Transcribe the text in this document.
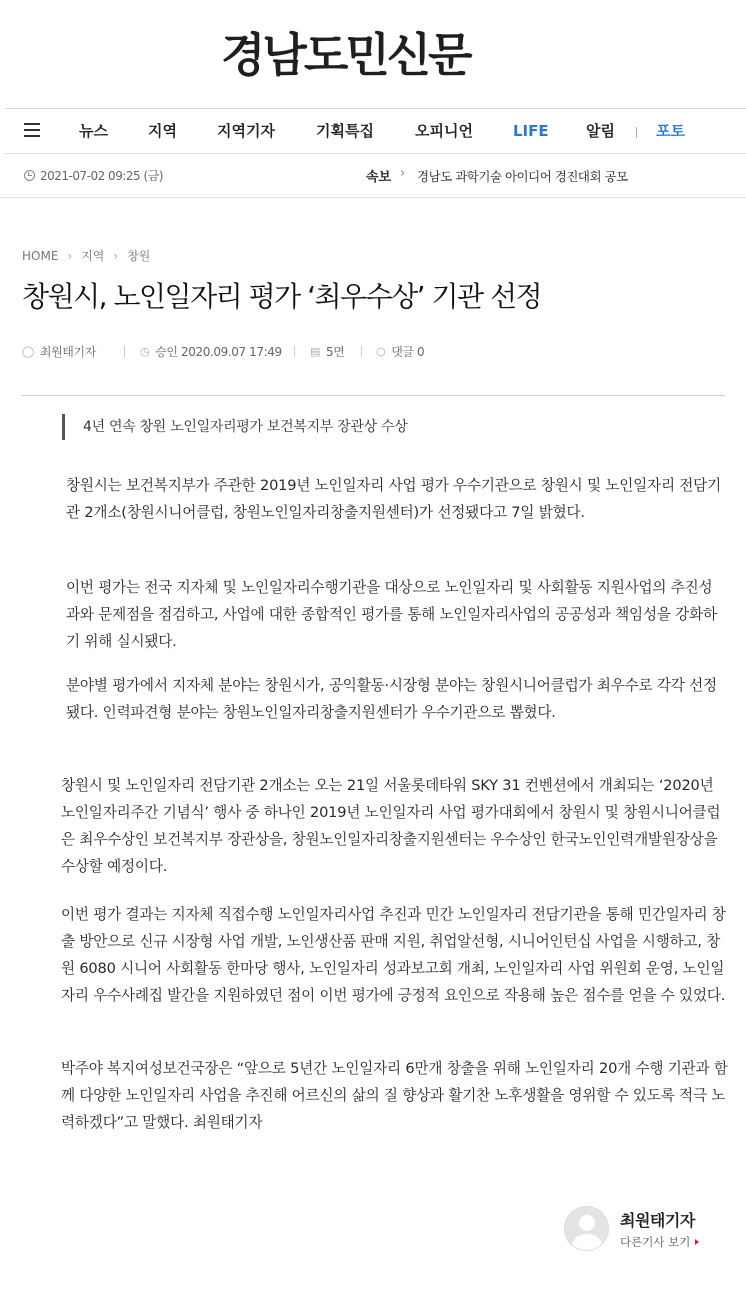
경남도 민 신문
뉴스	지역	지역기자	기획특집	오피니언	LIFE 알림	포토
2021-07-02 09:25 (금)	속보 › 경남도 과학기술 아이디어 경진대회 공모
HOME › 지역 › 창원
창원시, 노인일자리 평가 ‘최우수상’ 기관 선정
◯ 최원태기자	◷ 승인 2020.09.07 17:49	▤ 5면	○ 댓글 0
4년 연속 창원 노인일자리평가 보건복지부 장관상 수상

창원시는 보건복지부가 주관한 2019년 노인일자리 사업 평가 우수기관으로 창원시 및 노인일자리 전담기관 2개소(창원시니어클럽, 창원노인일자리창출지원센터)가 선정됐다고 7일 밝혔다.

이번 평가는 전국 지자체 및 노인일자리수행기관을 대상으로 노인일자리 및 사회활동 지원사업의 추진성과와 문제점을 점검하고, 사업에 대한 종합적인 평가를 통해 노인일자리사업의 공공성과 책임성을 강화하기 위해 실시됐다.

분야별 평가에서 지자체 분야는 창원시가, 공익활동·시장형 분야는 창원시니어클럽가 최우수로 각각 선정됐다. 인력파견형 분야는 창원노인일자리창출지원센터가 우수기관으로 뽑혔다.

창원시 및 노인일자리 전담기관 2개소는 오는 21일 서울롯데타워 SKY 31 컨벤션에서 개최되는 ‘2020년 노인일자리주간 기념식’ 행사 중 하나인 2019년 노인일자리 사업 평가대회에서 창원시 및 창원시니어클럽은 최우수상인 보건복지부 장관상을, 창원노인일자리창출지원센터는 우수상인 한국노인인력개발원장상을 수상할 예정이다.

이번 평가 결과는 지자체 직접수행 노인일자리사업 추진과 민간 노인일자리 전담기관을 통해 민간일자리 창출 방안으로 신규 시장형 사업 개발, 노인생산품 판매 지원, 취업알선형, 시니어인턴십 사업을 시행하고, 창원 6080 시니어 사회활동 한마당 행사, 노인일자리 성과보고회 개최, 노인일자리 사업 위원회 운영, 노인일자리 우수사례집 발간을 지원하였던 점이 이번 평가에 긍정적 요인으로 작용해 높은 점수를 얻을 수 있었다.

박주야 복지여성보건국장은 “앞으로 5년간 노인일자리 6만개 창출을 위해 노인일자리 20개 수행 기관과 함께 다양한 노인일자리 사업을 추진해 어르신의 삶의 질 향상과 활기찬 노후생활을 영위할 수 있도록 적극 노력하겠다”고 말했다. 최원태기자

최원태기자
다른기사 보기
